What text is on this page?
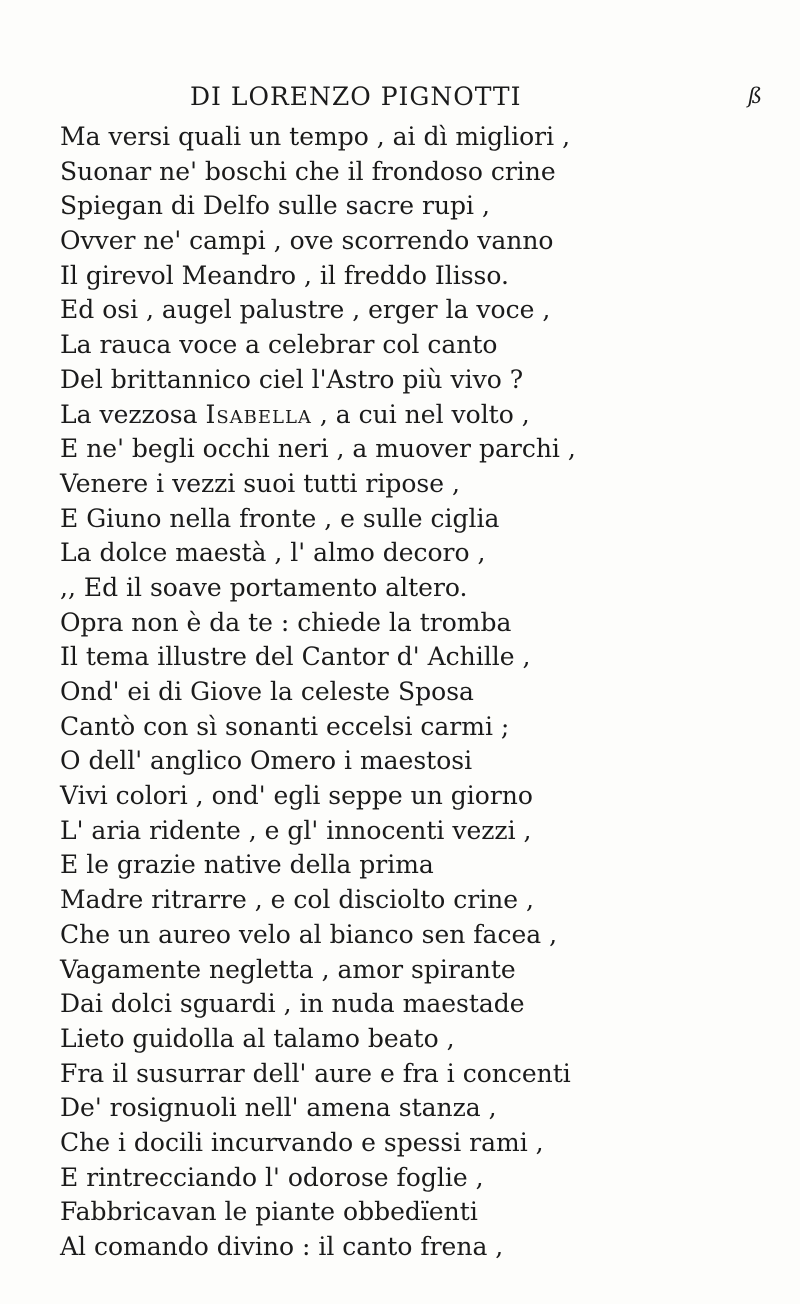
DI LORENZO PIGNOTTI	ß
Ma versi quali un tempo , ai dì migliori ,
Suonar ne' boschi che il frondoso crine
Spiegan di Delfo sulle sacre rupi ,
Ovver ne' campi , ove scorrendo vanno
Il girevol Meandro , il freddo Ilisso.
Ed osi , augel palustre , erger la voce ,
La rauca voce a celebrar col canto
Del brittannico ciel l'Astro più vivo ?
La vezzosa Isabella , a cui nel volto ,
E ne' begli occhi neri , a muover parchi ,
Venere i vezzi suoi tutti ripose ,
E Giuno nella fronte , e sulle ciglia
La dolce maestà , l' almo decoro ,
,, Ed il soave portamento altero.
Opra non è da te : chiede la tromba
Il tema illustre del Cantor d' Achille ,
Ond' ei di Giove la celeste Sposa
Cantò con sì sonanti eccelsi carmi ;
O dell' anglico Omero i maestosi
Vivi colori , ond' egli seppe un giorno
L' aria ridente , e gl' innocenti vezzi ,
E le grazie native della prima
Madre ritrarre , e col disciolto crine ,
Che un aureo velo al bianco sen facea ,
Vagamente negletta , amor spirante
Dai dolci sguardi , in nuda maestade
Lieto guidolla al talamo beato ,
Fra il susurrar dell' aure e fra i concenti
De' rosignuoli nell' amena stanza ,
Che i docili incurvando e spessi rami ,
E rintrecciando l' odorose foglie ,
Fabbricavan le piante obbedïenti
Al comando divino : il canto frena ,
